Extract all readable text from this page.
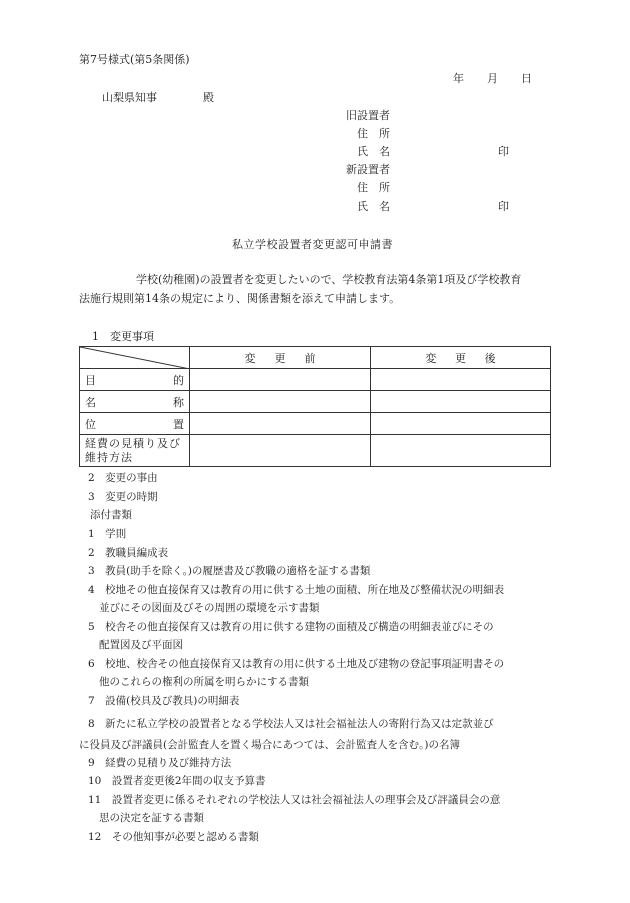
第7号様式(第5条関係)
年 月 日
山梨県知事	殿
旧設置者
住　所
氏　名	印
新設置者
住　所
氏　名	印
私立学校設置者変更認可申請書
学校(幼稚園)の設置者を変更したいので、学校教育法第4条第1項及び学校教育
法施行規則第14条の規定により、関係書類を添えて申請します。
1　変更事項

変 更 前	変 更 後

目 的		

名 称		

位 置		

経費の見積り及び
維持方法		

2　変更の事由
3　変更の時期
添付書類
1　学則
2　教職員編成表
3　教員(助手を除く。)の履歴書及び教職の適格を証する書類
4　校地その他直接保育又は教育の用に供する土地の面積、所在地及び整備状況の明細表
並びにその図面及びその周囲の環境を示す書類
5　校舎その他直接保育又は教育の用に供する建物の面積及び構造の明細表並びにその
配置図及び平面図
6　校地、校舎その他直接保育又は教育の用に供する土地及び建物の登記事項証明書その
他のこれらの権利の所属を明らかにする書類
7　設備(校具及び教具)の明細表
8　新たに私立学校の設置者となる学校法人又は社会福祉法人の寄附行為又は定款並び
に役員及び評議員(会計監査人を置く場合にあつては、会計監査人を含む。)の名簿
9　経費の見積り及び維持方法
10　設置者変更後2年間の収支予算書
11　設置者変更に係るそれぞれの学校法人又は社会福祉法人の理事会及び評議員会の意
思の決定を証する書類
12　その他知事が必要と認める書類
